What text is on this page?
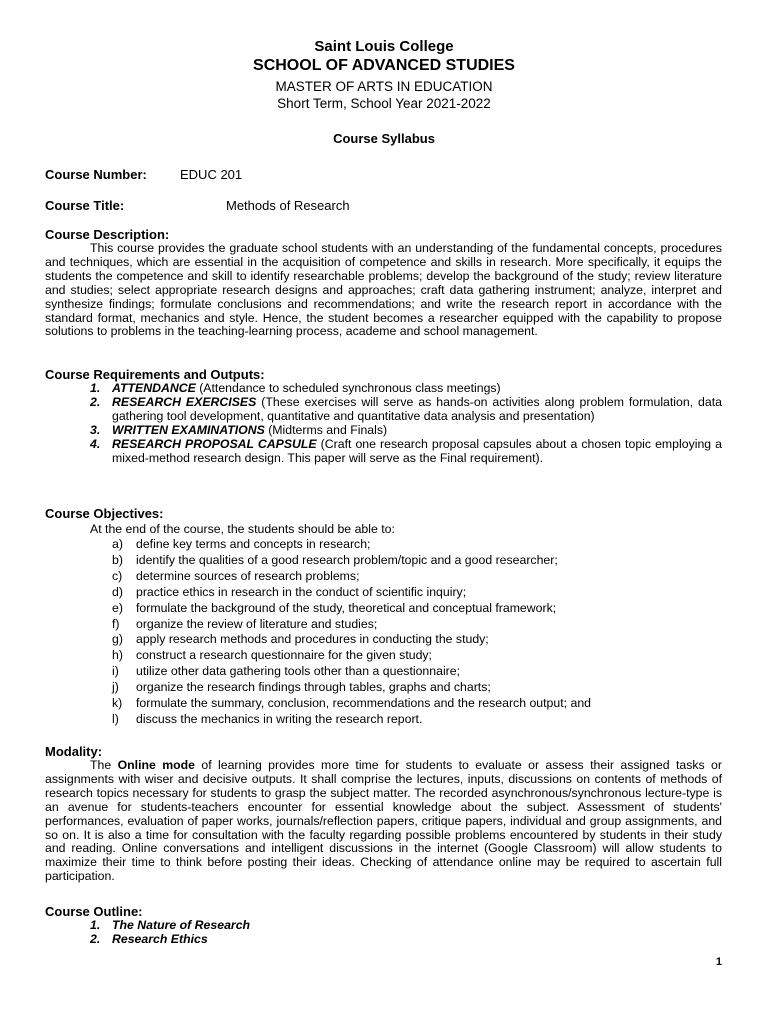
Saint Louis College
SCHOOL OF ADVANCED STUDIES
MASTER OF ARTS IN EDUCATION
Short Term, School Year 2021-2022
Course Syllabus
Course Number:	EDUC 201
Course Title:	Methods of Research
Course Description:
This course provides the graduate school students with an understanding of the fundamental concepts, procedures and techniques, which are essential in the acquisition of competence and skills in research. More specifically, it equips the students the competence and skill to identify researchable problems; develop the background of the study; review literature and studies; select appropriate research designs and approaches; craft data gathering instrument; analyze, interpret and synthesize findings; formulate conclusions and recommendations; and write the research report in accordance with the standard format, mechanics and style. Hence, the student becomes a researcher equipped with the capability to propose solutions to problems in the teaching-learning process, academe and school management.
Course Requirements and Outputs:
1. ATTENDANCE (Attendance to scheduled synchronous class meetings)
2. RESEARCH EXERCISES (These exercises will serve as hands-on activities along problem formulation, data gathering tool development, quantitative and quantitative data analysis and presentation)
3. WRITTEN EXAMINATIONS (Midterms and Finals)
4. RESEARCH PROPOSAL CAPSULE (Craft one research proposal capsules about a chosen topic employing a mixed-method research design. This paper will serve as the Final requirement).
Course Objectives:
At the end of the course, the students should be able to:
a) define key terms and concepts in research;
b) identify the qualities of a good research problem/topic and a good researcher;
c) determine sources of research problems;
d) practice ethics in research in the conduct of scientific inquiry;
e) formulate the background of the study, theoretical and conceptual framework;
f) organize the review of literature and studies;
g) apply research methods and procedures in conducting the study;
h) construct a research questionnaire for the given study;
i) utilize other data gathering tools other than a questionnaire;
j) organize the research findings through tables, graphs and charts;
k) formulate the summary, conclusion, recommendations and the research output; and
l) discuss the mechanics in writing the research report.
Modality:
The Online mode of learning provides more time for students to evaluate or assess their assigned tasks or assignments with wiser and decisive outputs. It shall comprise the lectures, inputs, discussions on contents of methods of research topics necessary for students to grasp the subject matter. The recorded asynchronous/synchronous lecture-type is an avenue for students-teachers encounter for essential knowledge about the subject. Assessment of students' performances, evaluation of paper works, journals/reflection papers, critique papers, individual and group assignments, and so on. It is also a time for consultation with the faculty regarding possible problems encountered by students in their study and reading. Online conversations and intelligent discussions in the internet (Google Classroom) will allow students to maximize their time to think before posting their ideas. Checking of attendance online may be required to ascertain full participation.
Course Outline:
1. The Nature of Research
2. Research Ethics
1
